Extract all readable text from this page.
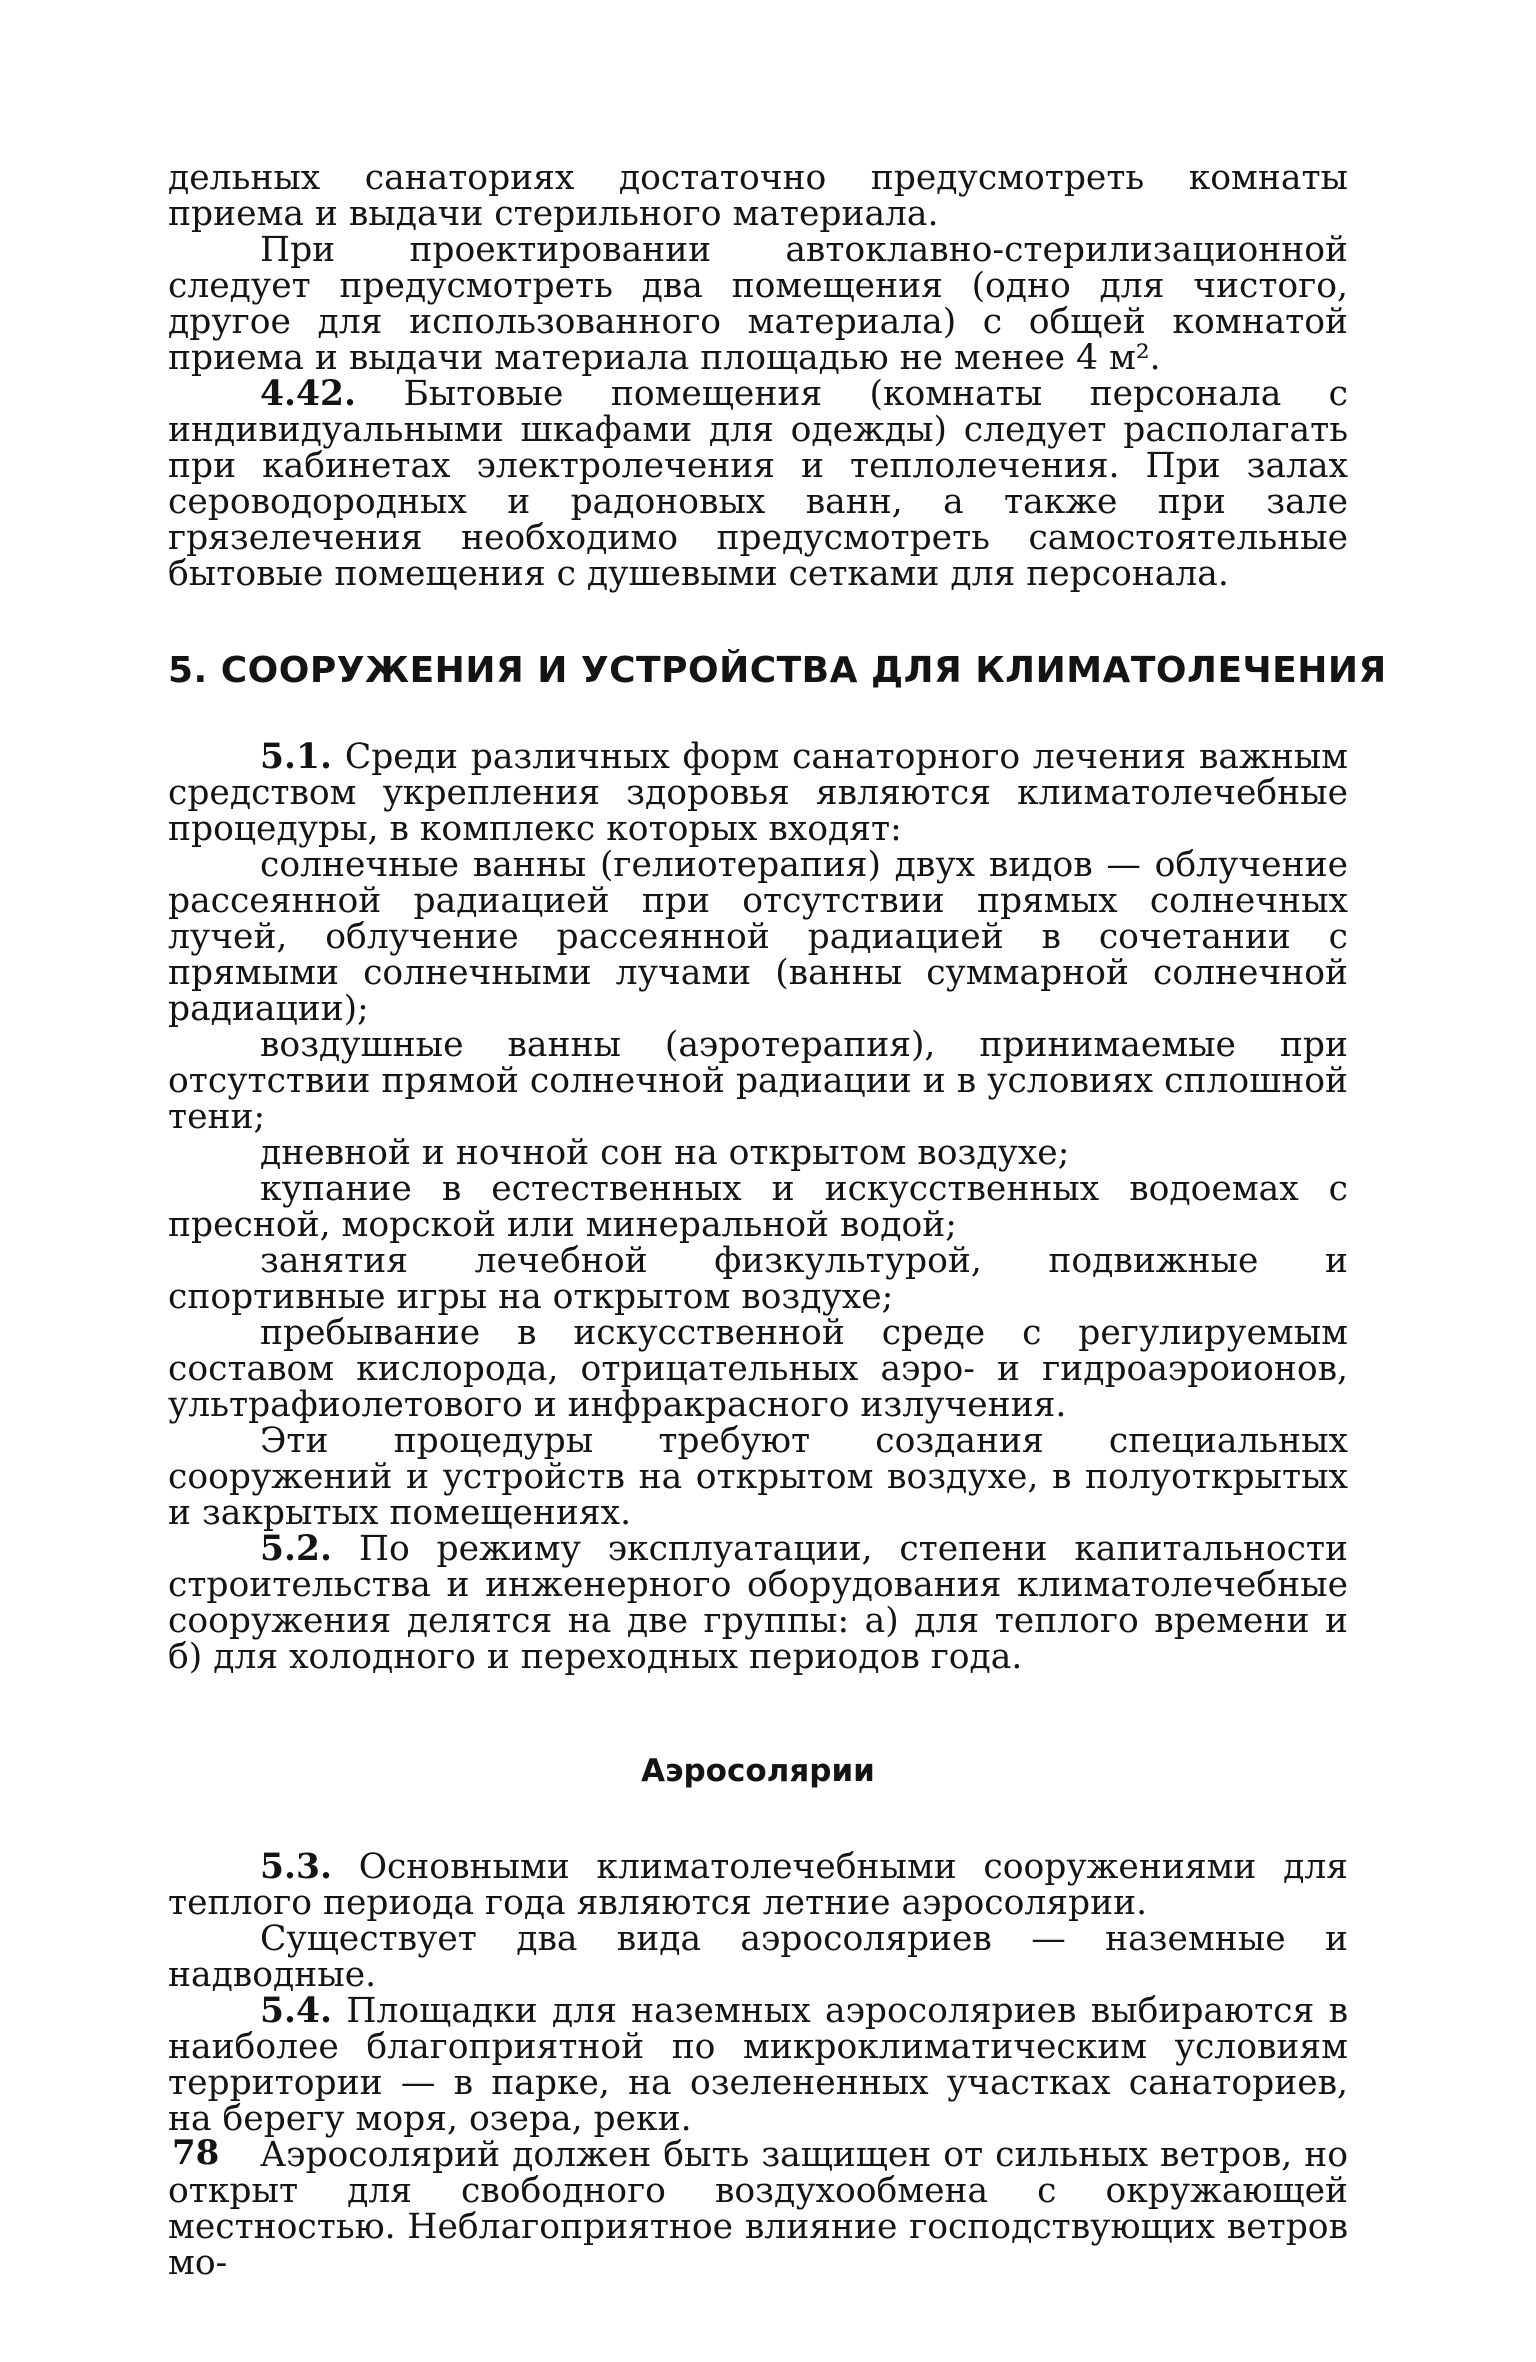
дельных санаториях достаточно предусмотреть комнаты приема и выдачи стерильного материала.

При проектировании автоклавно-стерилизационной следует предусмотреть два помещения (одно для чистого, другое для использованного материала) с общей комнатой приема и выдачи материала площадью не менее 4 м².

4.42. Бытовые помещения (комнаты персонала с индивидуальными шкафами для одежды) следует располагать при кабинетах электролечения и теплолечения. При залах сероводородных и радоновых ванн, а также при зале грязелечения необходимо предусмотреть самостоятельные бытовые помещения с душевыми сетками для персонала.

5. СООРУЖЕНИЯ И УСТРОЙСТВА ДЛЯ КЛИМАТОЛЕЧЕНИЯ

5.1. Среди различных форм санаторного лечения важным средством укрепления здоровья являются климатолечебные процедуры, в комплекс которых входят:

солнечные ванны (гелиотерапия) двух видов — облучение рассеянной радиацией при отсутствии прямых солнечных лучей, облучение рассеянной радиацией в сочетании с прямыми солнечными лучами (ванны суммарной солнечной радиации);

воздушные ванны (аэротерапия), принимаемые при отсутствии прямой солнечной радиации и в условиях сплошной тени;

дневной и ночной сон на открытом воздухе;

купание в естественных и искусственных водоемах с пресной, морской или минеральной водой;

занятия лечебной физкультурой, подвижные и спортивные игры на открытом воздухе;

пребывание в искусственной среде с регулируемым составом кислорода, отрицательных аэро- и гидроаэроионов, ультрафиолетового и инфракрасного излучения.

Эти процедуры требуют создания специальных сооружений и устройств на открытом воздухе, в полуоткрытых и закрытых помещениях.

5.2. По режиму эксплуатации, степени капитальности строительства и инженерного оборудования климатолечебные сооружения делятся на две группы: а) для теплого времени и б) для холодного и переходных периодов года.

Аэросолярии

5.3. Основными климатолечебными сооружениями для теплого периода года являются летние аэросолярии.

Существует два вида аэросоляриев — наземные и надводные.

5.4. Площадки для наземных аэросоляриев выбираются в наиболее благоприятной по микроклиматическим условиям территории — в парке, на озелененных участках санаториев, на берегу моря, озера, реки.

Аэросолярий должен быть защищен от сильных ветров, но открыт для свободного воздухообмена с окружающей местностью. Неблагоприятное влияние господствующих ветров мо-

78
